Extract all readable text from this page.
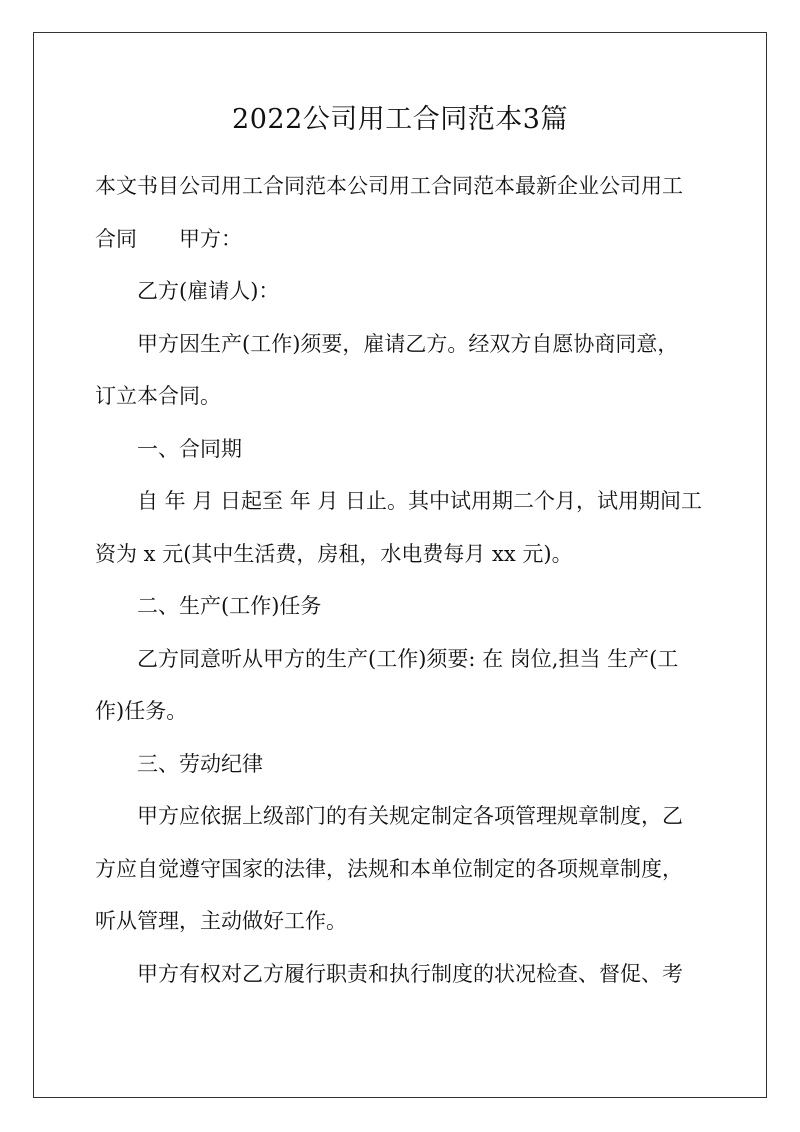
2022公司用工合同范本3篇

本文书目公司用工合同范本公司用工合同范本最新企业公司用工

合同 甲方：

乙方(雇请人)：

甲方因生产(工作)须要，雇请乙方。经双方自愿协商同意，

订立本合同。

一、合同期

自 年 月 日起至 年 月 日止。其中试用期二个月，试用期间工

资为 x 元(其中生活费，房租，水电费每月 xx 元)。

二、生产(工作)任务

乙方同意听从甲方的生产(工作)须要: 在 岗位,担当 生产(工

作)任务。

三、劳动纪律

甲方应依据上级部门的有关规定制定各项管理规章制度，乙

方应自觉遵守国家的法律，法规和本单位制定的各项规章制度，

听从管理，主动做好工作。

甲方有权对乙方履行职责和执行制度的状况检查、督促、考
